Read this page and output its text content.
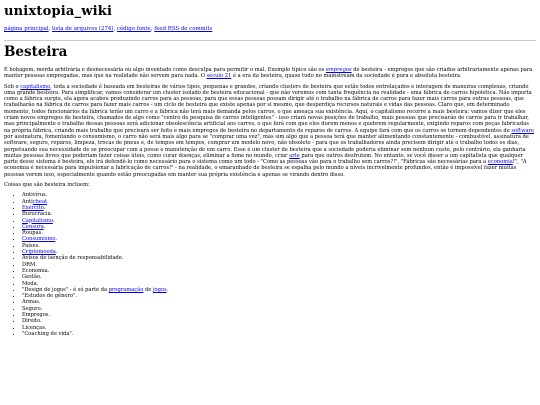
unixtopia_wiki
página principal, lista de arquivos (274), código fonte, feed RSS de commits
Besteira

É bobagem, merda arbitrária e desnecessária ou algo inventado como desculpa para permitir o mal. Exemplo típico são os empregos de besteira - empregos que são criados arbitrariamente apenas para manter pessoas empregadas, mas que na realidade não servem para nada. O século 21 é a era da besteira, quase tudo no mainstream da sociedade é pura e absoluta besteira.

Sob o capitalismo, toda a sociedade é baseada em besteiras de vários tipos, pequenas e grandes, criando clusters de besteira que estão todos entrelaçados e interagem de maneiras complexas, criando uma grande besteira. Para simplificar, vamos considerar um cluster isolado de besteira educacional - que não veremos com tanta frequência na realidade - uma fábrica de carros hipotética. Não importa como a fábrica surgiu, ela agora acabou produzindo carros para as pessoas, para que essas pessoas possam dirigir até o trabalho na fábrica de carros para fazer mais carros para outras pessoas, que trabalharão na fábrica de carros para fazer mais carros - um ciclo de besteira que existe apenas por si mesmo, que desperdiça recursos naturais e vidas das pessoas. Claro que, em determinado momento, todos funcionários da fábrica terão um carro e a fábrica não terá mais demanda pelos carros, o que ameaça sua existência. Aqui, o capitalismo recorre a mais besteira: vamos dizer que eles criam novos empregos de besteira, chamados de algo como "centro de pesquisa de carros inteligentes" - isso criará novas posições de trabalho, mais pessoas que precisarão de carros para ir trabalhar, mas principalmente o trabalho dessas pessoas será adicionar obsolescência artificial aos carros, o que fará com que eles durem menos e quebrem regularmente, exigindo reparos com peças fabricadas na própria fábrica, criando mais trabalho que precisará ser feito e mais empregos de besteira no departamento de reparos de carros. A equipe fará com que os carros se tornem dependentes de software por assinatura, fomentando o consumismo, o carro não será mais algo para se "comprar uma vez", mas sim algo que a pessoa terá que manter alimentando constantemente - combustível, assinatura de software, seguro, reparos, limpeza, trocas de pneus e, de tempos em tempos, comprar um modelo novo, não obsoleto - para que os trabalhadores ainda precisem dirigir até o trabalho todos os dias, perpetuando sua necessidade de se preocupar com a posse e manutenção de um carro. Esse é um cluster de besteira que a sociedade poderia eliminar sem nenhum custo, pelo contrário, ela ganharia muitas pessoas livres que poderiam fazer coisas úteis, como curar doenças, eliminar a fome no mundo, criar arte para que outros desfrutem. No entanto, se você disser a um capitalista que qualquer parte desse sistema é besteira, ele irá defendê-lo como necessário para o sistema como um todo - "Como as pessoas vão para o trabalho sem carros?!", "Fábricas são necessárias para a economia!", "A economia é necessária para impulsionar a fabricação de carros!" - na realidade, o emaranhado de besteira se espalha pelo mundo a níveis incrivelmente profundos, então é impossível fazer muitas pessoas verem isso, especialmente quando estão preocupadas em manter sua própria existência e apenas se virando dentro disso.

Coisas que são besteira incluem:

• Antivírus.
• Anticheat.
• Exército.
• Burocracia.
• Capitalismo.
• Censura.
• Roupas.
• Consumismo.
• Países.
• Criptomoeda.
• Avisos de isenção de responsabilidade.
• DRM.
• Economia.
• Gestão.
• Moda.
• "Design de jogos" - é só parte da programação de jogos.
• "Estudos de gênero".
• Armas.
• Seguro.
• Empregos.
• Direito.
• Licenças.
• "Coaching de vida".
